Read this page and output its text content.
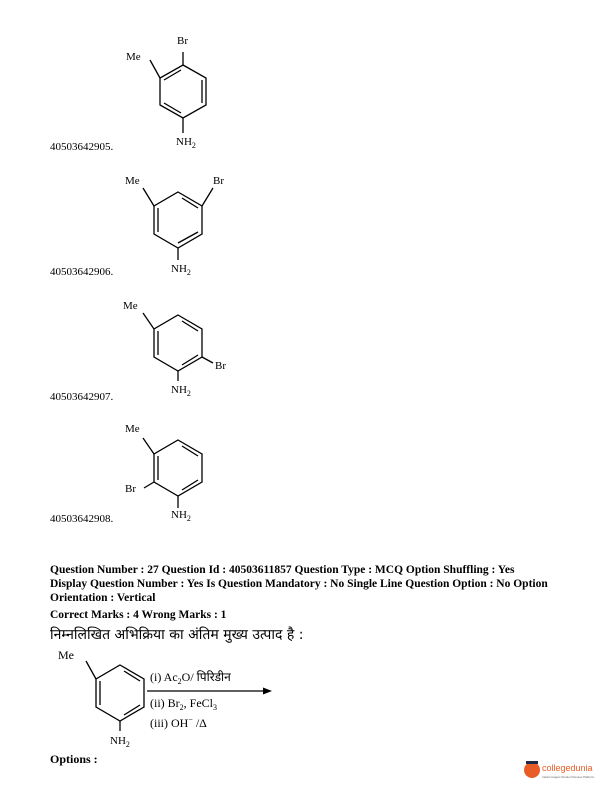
Br
Me
$NH_2$
40503642905.
Me	Br
$NH_2$
40503642906.
Me
Br
$NH_2$
40503642907.
Me
Br
$NH_2$
40503642908.
Question Number : 27 Question Id : 40503611857 Question Type : MCQ Option Shuffling : Yes
Display Question Number : Yes Is Question Mandatory : No Single Line Question Option : No Option
Orientation : Vertical
Correct Marks : 4 Wrong Marks : 1
निम्नलिखित अभिक्रिया का अंतिम मुख्य उत्पाद है :
Me
$NH_2$
(i) $Ac_2O/$ पिरिडीन
(ii) $Br_2$, FeCl$_3$
(iii) OH− /Δ
Options :
collegedunia
India's largest Student Review Platform
